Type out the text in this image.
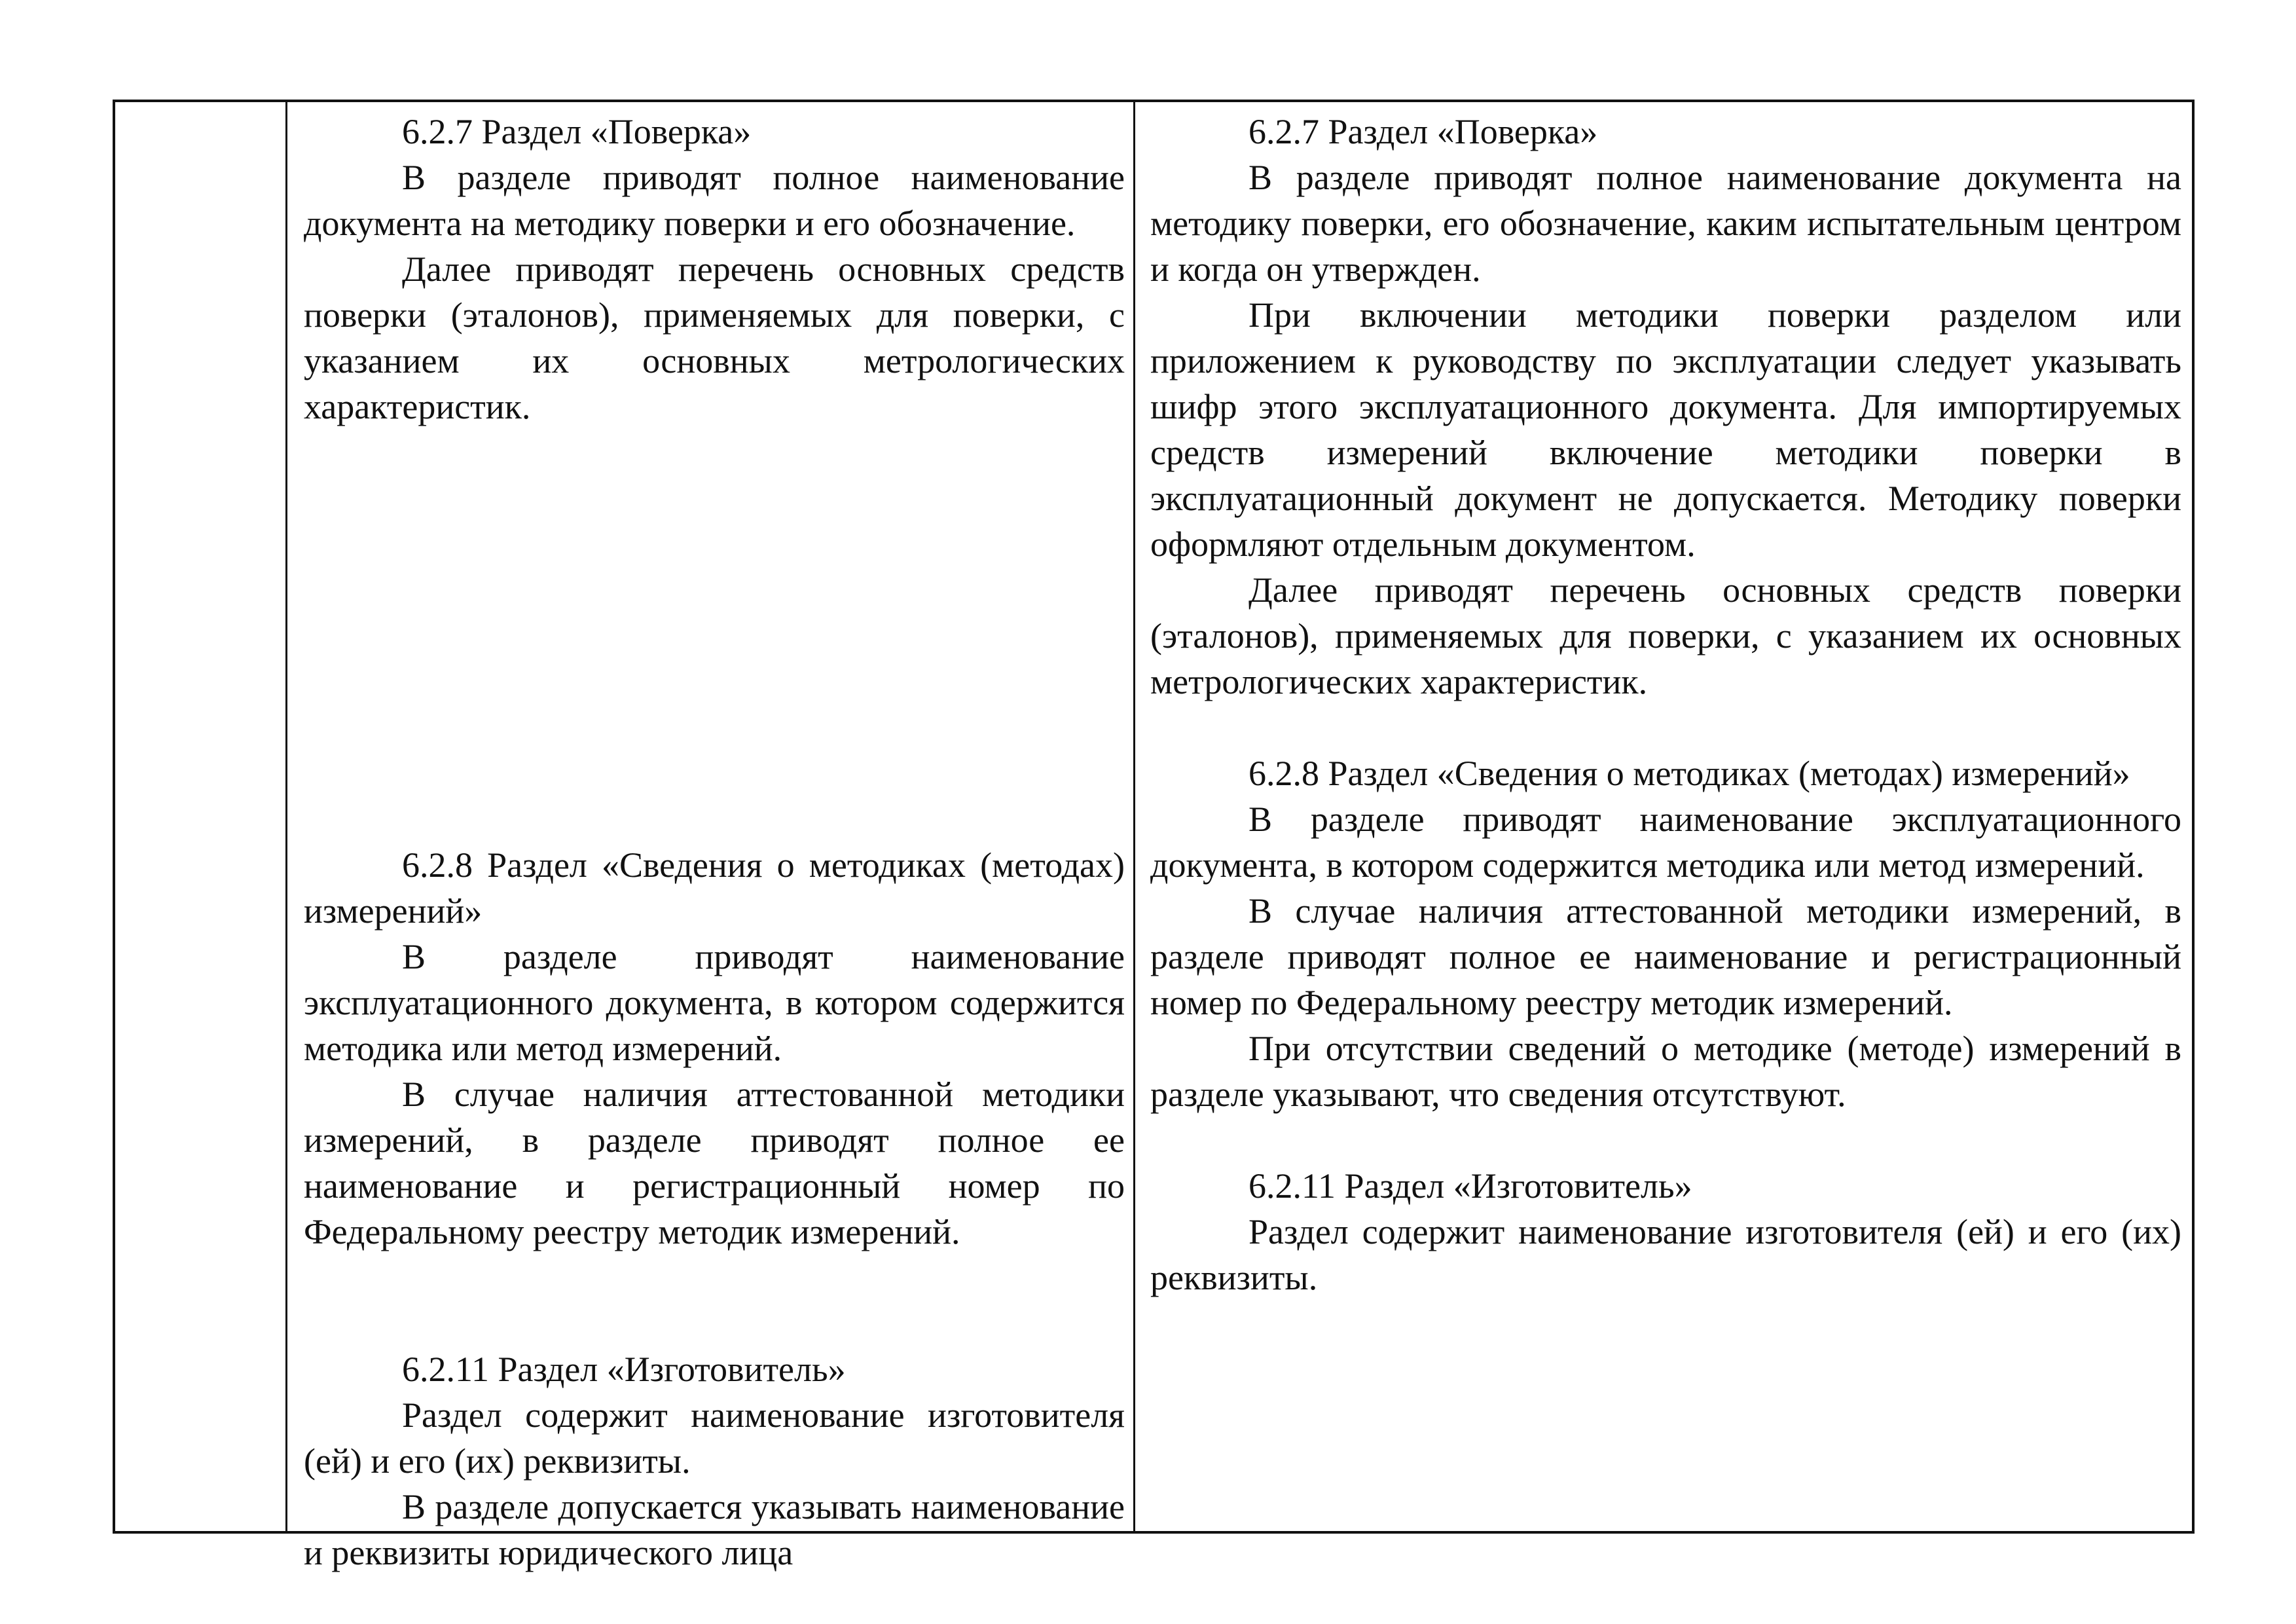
6.2.7 Раздел «Поверка»

В разделе приводят полное наименование документа на методику поверки и его обозначение.

Далее приводят перечень основных средств поверки (эталонов), применяемых для поверки, с указанием их основных метрологических характеристик.

6.2.8 Раздел «Сведения о методиках (методах) измерений»

В разделе приводят наименование эксплуатационного документа, в котором содержится методика или метод измерений.

В случае наличия аттестованной методики измерений, в разделе приводят полное ее наименование и регистрационный номер по Федеральному реестру методик измерений.

6.2.11 Раздел «Изготовитель»

Раздел содержит наименование изготовителя (ей) и его (их) реквизиты.

В разделе допускается указывать наименование и реквизиты юридического лица

6.2.7 Раздел «Поверка»

В разделе приводят полное наименование документа на методику поверки, его обозначение, каким испытательным центром и когда он утвержден.

При включении методики поверки разделом или приложением к руководству по эксплуатации следует указывать шифр этого эксплуатационного документа. Для импортируемых средств измерений включение методики поверки в эксплуатационный документ не допускается. Методику поверки оформляют отдельным документом.

Далее приводят перечень основных средств поверки (эталонов), применяемых для поверки, с указанием их основных метрологических характеристик.

6.2.8 Раздел «Сведения о методиках (методах) измерений»

В разделе приводят наименование эксплуатационного документа, в котором содержится методика или метод измерений.

В случае наличия аттестованной методики измерений, в разделе приводят полное ее наименование и регистрационный номер по Федеральному реестру методик измерений.

При отсутствии сведений о методике (методе) измерений в разделе указывают, что сведения отсутствуют.

6.2.11 Раздел «Изготовитель»

Раздел содержит наименование изготовителя (ей) и его (их) реквизиты.
